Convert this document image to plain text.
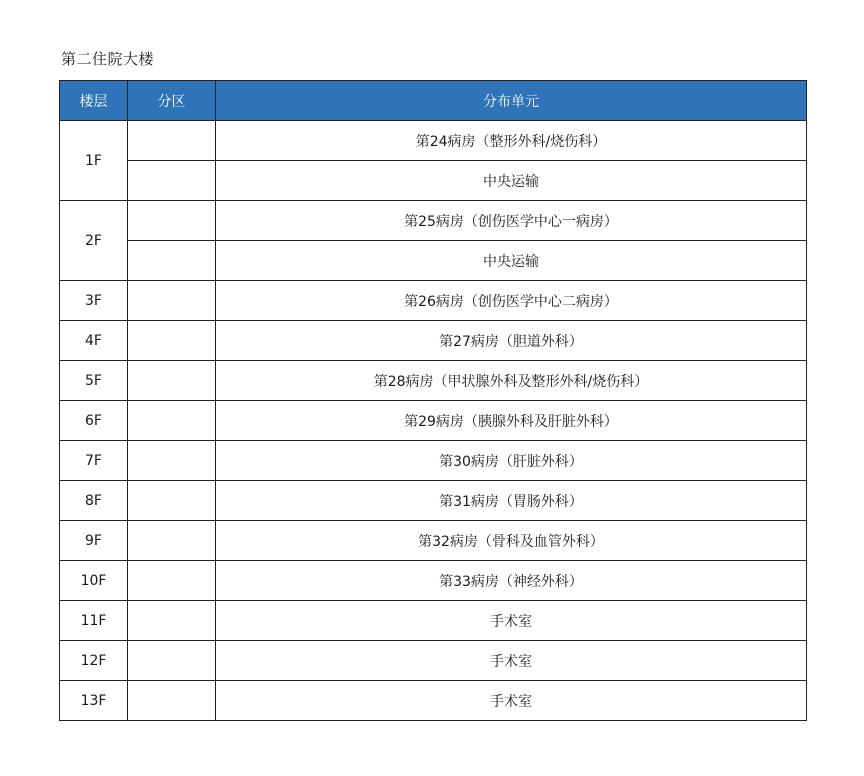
第二住院大楼
楼层	分区	分布单元
1F		第24病房（整形外科/烧伤科）
		中央运输
2F		第25病房（创伤医学中心一病房）
		中央运输
3F		第26病房（创伤医学中心二病房）
4F		第27病房（胆道外科）
5F		第28病房（甲状腺外科及整形外科/烧伤科）
6F		第29病房（胰腺外科及肝脏外科）
7F		第30病房（肝脏外科）
8F		第31病房（胃肠外科）
9F		第32病房（骨科及血管外科）
10F		第33病房（神经外科）
11F		手术室
12F		手术室
13F		手术室
